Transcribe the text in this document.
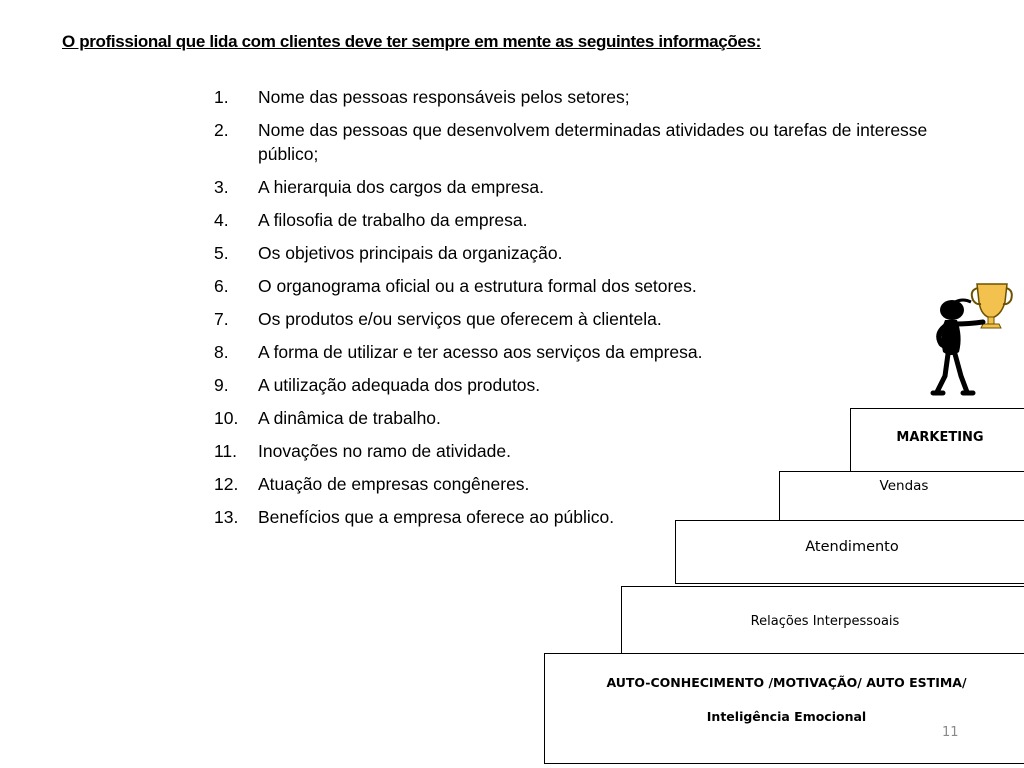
O profissional que lida com clientes deve ter sempre em mente as seguintes informações:
1. Nome das pessoas responsáveis pelos setores;
2. Nome das pessoas que desenvolvem determinadas atividades ou tarefas de interesse público;
3. A hierarquia dos cargos da empresa.
4. A filosofia de trabalho da empresa.
5. Os objetivos principais da organização.
6. O organograma oficial ou a estrutura formal dos setores.
7. Os produtos e/ou serviços que oferecem à clientela.
8. A forma de utilizar e ter acesso aos serviços da empresa.
9. A utilização adequada dos produtos.
10. A dinâmica de trabalho.
11. Inovações no ramo de atividade.
12. Atuação de empresas congêneres.
13. Benefícios que a empresa oferece ao público.
AUTO-CONHECIMENTO /MOTIVAÇÃO/ AUTO ESTIMA/
Inteligência Emocional
Relações Interpessoais
Atendimento
Vendas
MARKETING
11
